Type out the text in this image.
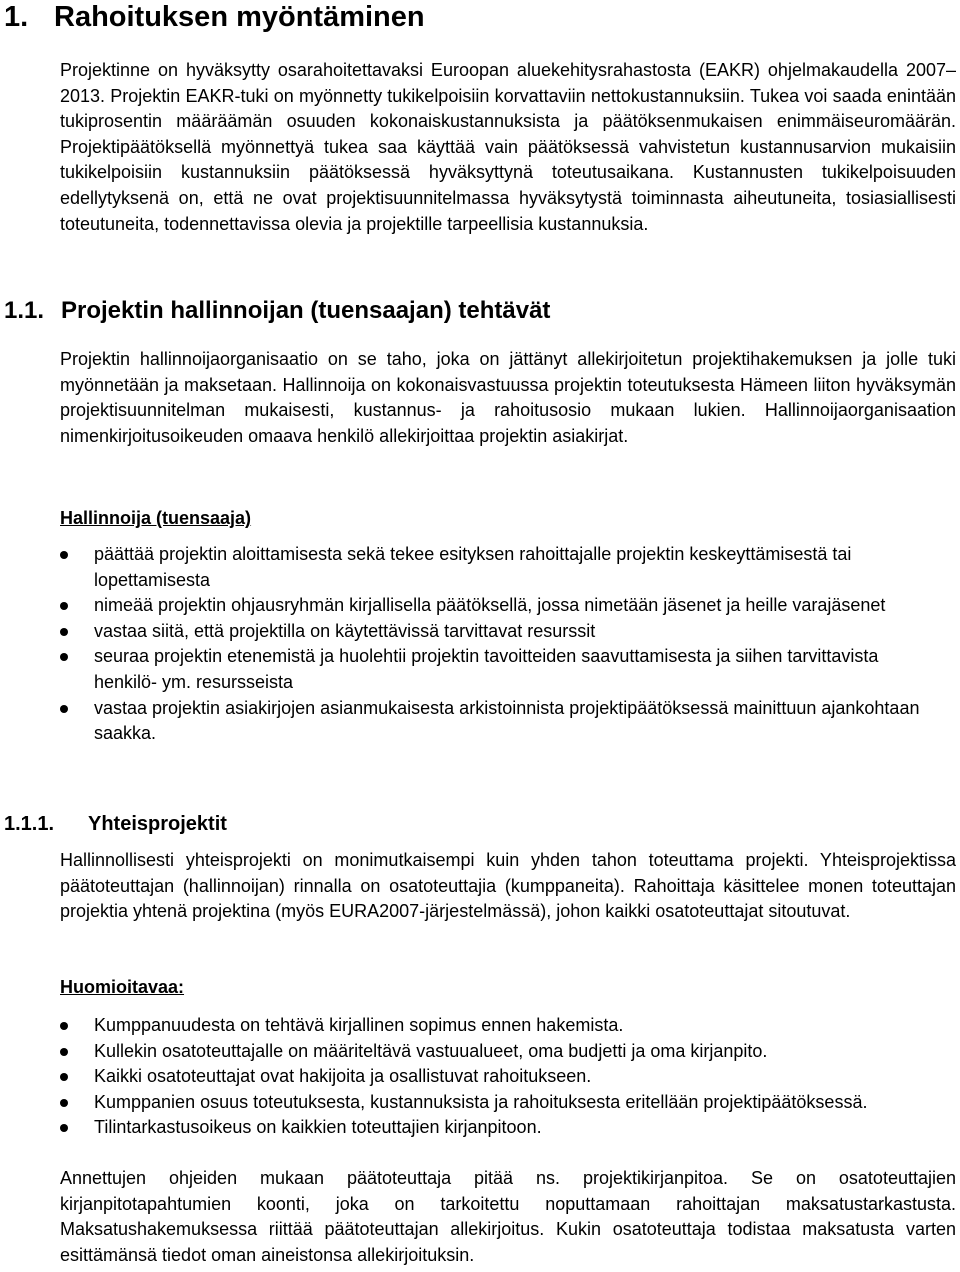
1. Rahoituksen myöntäminen

Projektinne on hyväksytty osarahoitettavaksi Euroopan aluekehitysrahastosta (EAKR) ohjelmakaudella 2007–2013. Projektin EAKR-tuki on myönnetty tukikelpoisiin korvattaviin nettokustannuksiin. Tukea voi saada enintään tukiprosentin määräämän osuuden kokonaiskustannuksista ja päätöksenmukaisen enimmäiseuromäärän. Projektipäätöksellä myönnettyä tukea saa käyttää vain päätöksessä vahvistetun kustannusarvion mukaisiin tukikelpoisiin kustannuksiin päätöksessä hyväksyttynä toteutusaikana. Kustannusten tukikelpoisuuden edellytyksenä on, että ne ovat projektisuunnitelmassa hyväksytystä toiminnasta aiheutuneita, tosiasiallisesti toteutuneita, todennettavissa olevia ja projektille tarpeellisia kustannuksia.

1.1. Projektin hallinnoijan (tuensaajan) tehtävät

Projektin hallinnoijaorganisaatio on se taho, joka on jättänyt allekirjoitetun projektihakemuksen ja jolle tuki myönnetään ja maksetaan. Hallinnoija on kokonaisvastuussa projektin toteutuksesta Hämeen liiton hyväksymän projektisuunnitelman mukaisesti, kustannus- ja rahoitusosio mukaan lukien. Hallinnoijaorganisaation nimenkirjoitusoikeuden omaava henkilö allekirjoittaa projektin asiakirjat.

Hallinnoija (tuensaaja)
päättää projektin aloittamisesta sekä tekee esityksen rahoittajalle projektin keskeyttämisestä tai lopettamisesta
nimeää projektin ohjausryhmän kirjallisella päätöksellä, jossa nimetään jäsenet ja heille varajäsenet
vastaa siitä, että projektilla on käytettävissä tarvittavat resurssit
seuraa projektin etenemistä ja huolehtii projektin tavoitteiden saavuttamisesta ja siihen tarvittavista henkilö- ym. resursseista
vastaa projektin asiakirjojen asianmukaisesta arkistoinnista projektipäätöksessä mainittuun ajankohtaan saakka.
1.1.1. Yhteisprojektit

Hallinnollisesti yhteisprojekti on monimutkaisempi kuin yhden tahon toteuttama projekti. Yhteisprojektissa päätoteuttajan (hallinnoijan) rinnalla on osatoteuttajia (kumppaneita). Rahoittaja käsittelee monen toteuttajan projektia yhtenä projektina (myös EURA2007-järjestelmässä), johon kaikki osatoteuttajat sitoutuvat.

Huomioitavaa:
Kumppanuudesta on tehtävä kirjallinen sopimus ennen hakemista.
Kullekin osatoteuttajalle on määriteltävä vastuualueet, oma budjetti ja oma kirjanpito.
Kaikki osatoteuttajat ovat hakijoita ja osallistuvat rahoitukseen.
Kumppanien osuus toteutuksesta, kustannuksista ja rahoituksesta eritellään projektipäätöksessä.
Tilintarkastusoikeus on kaikkien toteuttajien kirjanpitoon.

Annettujen ohjeiden mukaan päätoteuttaja pitää ns. projektikirjanpitoa. Se on osatoteuttajien kirjanpitotapahtumien koonti, joka on tarkoitettu noputtamaan rahoittajan maksatustarkastusta. Maksatushakemuksessa riittää päätoteuttajan allekirjoitus. Kukin osatoteuttaja todistaa maksatusta varten esittämänsä tiedot oman aineistonsa allekirjoituksin.
